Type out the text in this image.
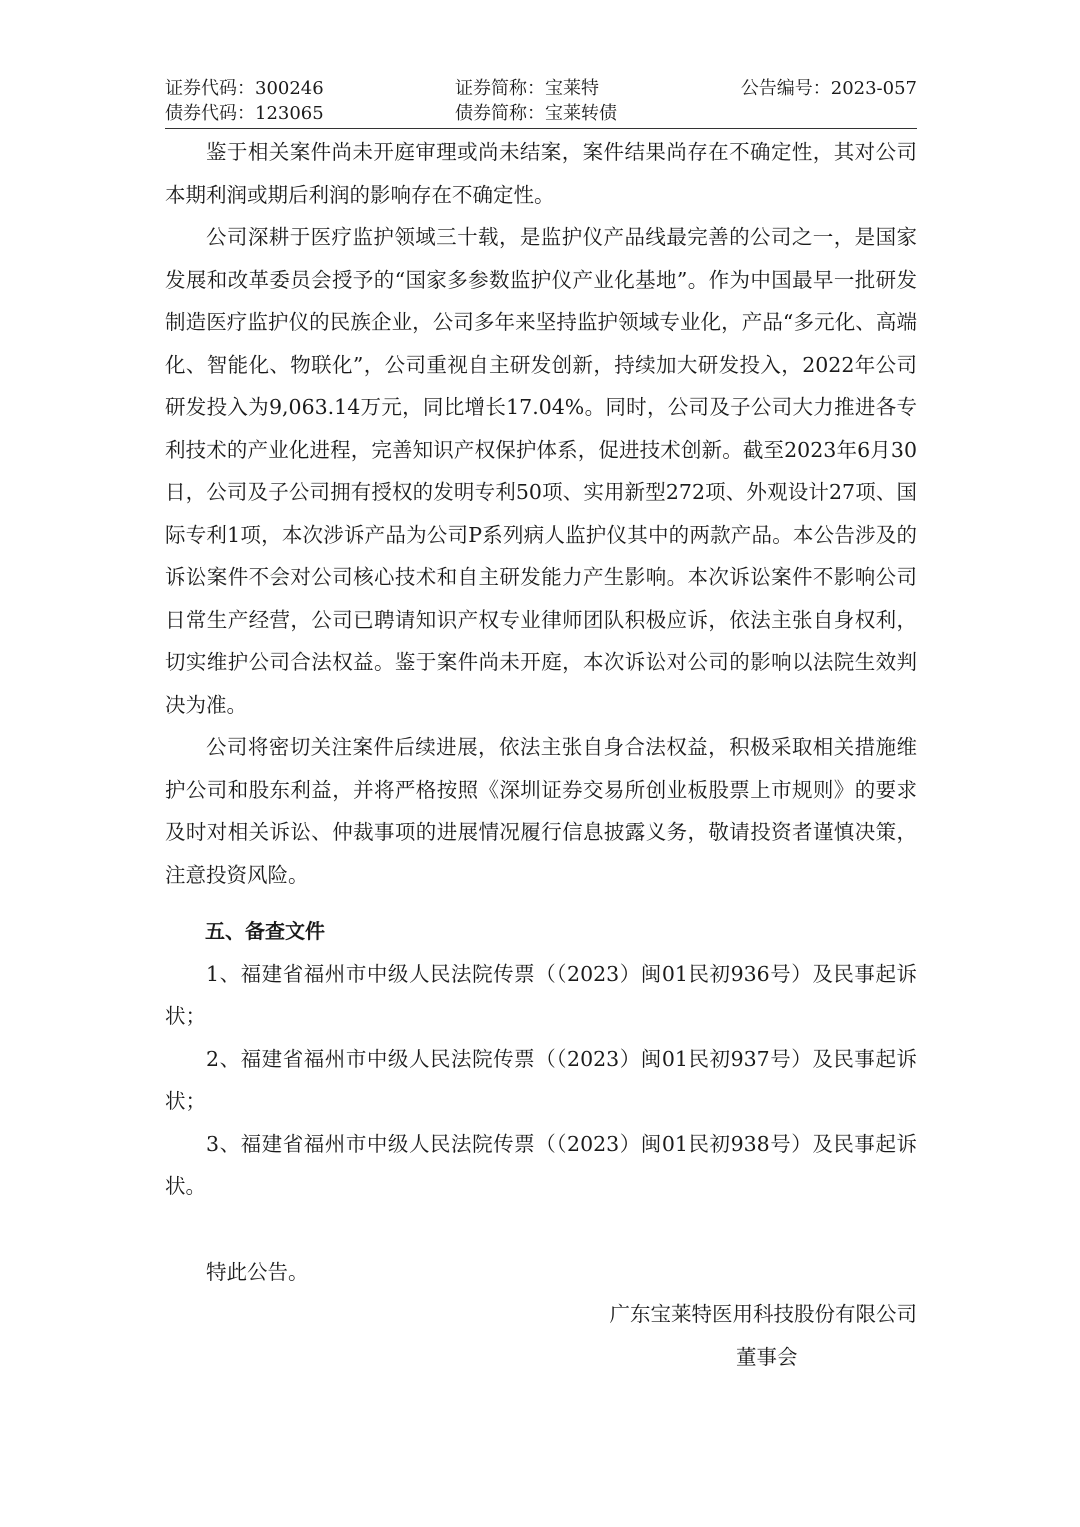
证券代码：300246	证券简称：宝莱特	公告编号：2023-057
债券代码：123065	债券简称：宝莱转债

鉴于相关案件尚未开庭审理或尚未结案，案件结果尚存在不确定性，其对公司本期利润或期后利润的影响存在不确定性。

公司深耕于医疗监护领域三十载，是监护仪产品线最完善的公司之一，是国家发展和改革委员会授予的“国家多参数监护仪产业化基地”。作为中国最早一批研发制造医疗监护仪的民族企业，公司多年来坚持监护领域专业化，产品“多元化、高端化、智能化、物联化”，公司重视自主研发创新，持续加大研发投入，2022年公司研发投入为9,063.14万元，同比增长17.04%。同时，公司及子公司大力推进各专利技术的产业化进程，完善知识产权保护体系，促进技术创新。截至2023年6月30日，公司及子公司拥有授权的发明专利50项、实用新型272项、外观设计27项、国际专利1项，本次涉诉产品为公司P系列病人监护仪其中的两款产品。本公告涉及的诉讼案件不会对公司核心技术和自主研发能力产生影响。本次诉讼案件不影响公司日常生产经营，公司已聘请知识产权专业律师团队积极应诉，依法主张自身权利，切实维护公司合法权益。鉴于案件尚未开庭，本次诉讼对公司的影响以法院生效判决为准。

公司将密切关注案件后续进展，依法主张自身合法权益，积极采取相关措施维护公司和股东利益，并将严格按照《深圳证券交易所创业板股票上市规则》的要求及时对相关诉讼、仲裁事项的进展情况履行信息披露义务，敬请投资者谨慎决策，注意投资风险。

五、备查文件

1、福建省福州市中级人民法院传票（（2023）闽01民初936号）及民事起诉状；

2、福建省福州市中级人民法院传票（（2023）闽01民初937号）及民事起诉状；

3、福建省福州市中级人民法院传票（（2023）闽01民初938号）及民事起诉状。

特此公告。

广东宝莱特医用科技股份有限公司
董事会
